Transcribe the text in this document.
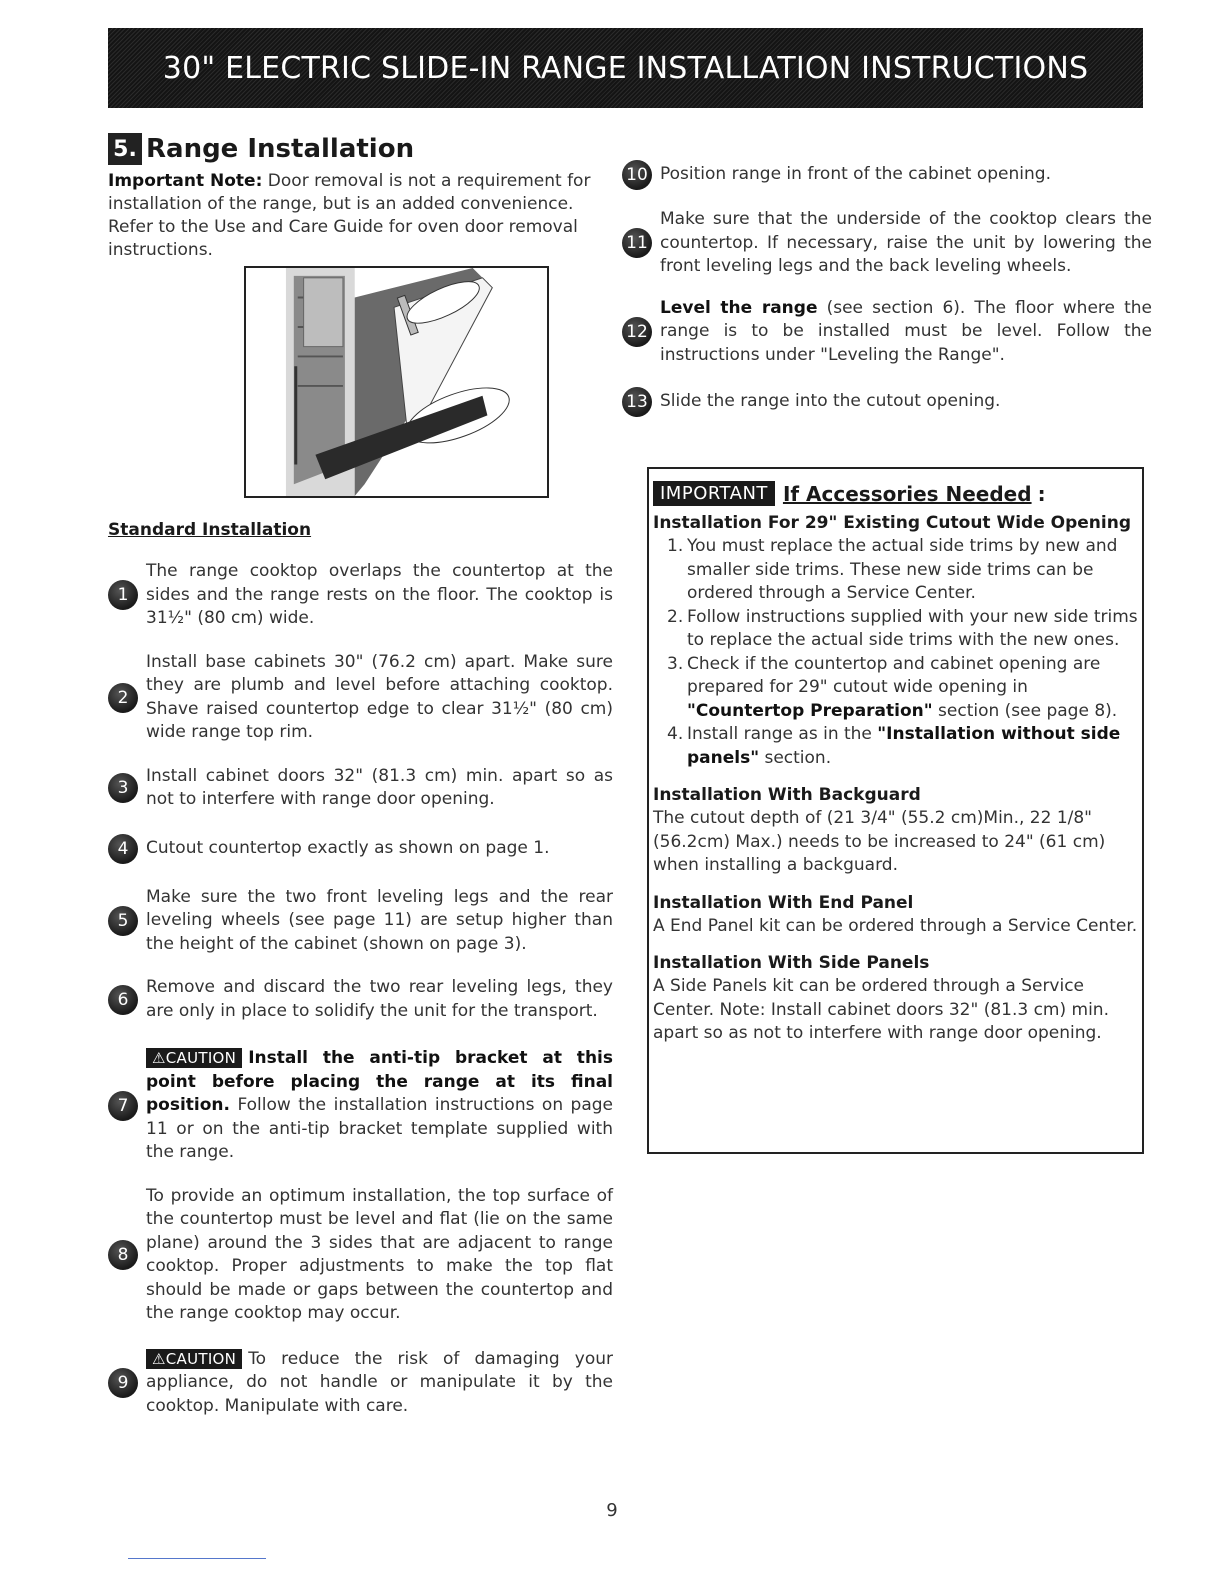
30" ELECTRIC SLIDE-IN RANGE INSTALLATION INSTRUCTIONS
5. Range Installation
Important Note: Door removal is not a requirement for installation of the range, but is an added convenience. Refer to the Use and Care Guide for oven door removal instructions.
Standard Installation
1
The range cooktop overlaps the countertop at the sides and the range rests on the floor. The cooktop is 31½" (80 cm) wide.
2
Install base cabinets 30" (76.2 cm) apart. Make sure they are plumb and level before attaching cooktop. Shave raised countertop edge to clear 31½" (80 cm) wide range top rim.
3
Install cabinet doors 32" (81.3 cm) min. apart so as not to interfere with range door opening.
4	Cutout countertop exactly as shown on page 1.
5
Make sure the two front leveling legs and the rear leveling wheels (see page 11) are setup higher than the height of the cabinet (shown on page 3).
6
Remove and discard the two rear leveling legs, they are only in place to solidify the unit for the transport.
7
⚠CAUTION Install the anti-tip bracket at this point before placing the range at its final position. Follow the installation instructions on page 11 or on the anti-tip bracket template supplied with the range.
8
To provide an optimum installation, the top surface of the countertop must be level and flat (lie on the same plane) around the 3 sides that are adjacent to range cooktop. Proper adjustments to make the top flat should be made or gaps between the countertop and the range cooktop may occur.
9
⚠CAUTION To reduce the risk of damaging your appliance, do not handle or manipulate it by the cooktop. Manipulate with care.
10 Position range in front of the cabinet opening.
11
Make sure that the underside of the cooktop clears the countertop. If necessary, raise the unit by lowering the front leveling legs and the back leveling wheels.
12
Level the range (see section 6). The floor where the range is to be installed must be level. Follow the instructions under "Leveling the Range".
13 Slide the range into the cutout opening.
IMPORTANT If Accessories Needed :
Installation For 29" Existing Cutout Wide Opening
1. You must replace the actual side trims by new and smaller side trims. These new side trims can be ordered through a Service Center.
2. Follow instructions supplied with your new side trims to replace the actual side trims with the new ones.
3. Check if the countertop and cabinet opening are prepared for 29" cutout wide opening in "Countertop Preparation" section (see page 8).
4. Install range as in the "Installation without side panels" section.
Installation With Backguard
The cutout depth of (21 3/4" (55.2 cm)Min., 22 1/8" (56.2cm) Max.) needs to be increased to 24" (61 cm) when installing a backguard.
Installation With End Panel
A End Panel kit can be ordered through a Service Center.
Installation With Side Panels
A Side Panels kit can be ordered through a Service Center. Note: Install cabinet doors 32" (81.3 cm) min. apart so as not to interfere with range door opening.
9
